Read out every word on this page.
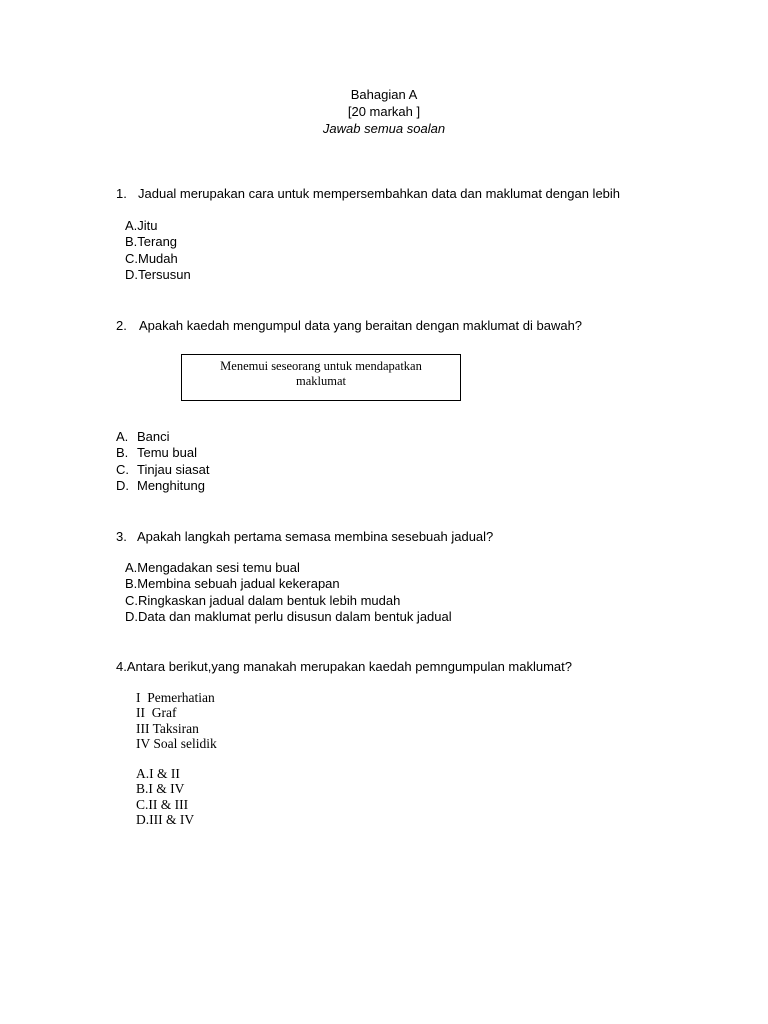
Bahagian A
[20 markah ]
Jawab semua soalan
1. Jadual merupakan cara untuk mempersembahkan data dan maklumat dengan lebih
A.Jitu
B.Terang
C.Mudah
D.Tersusun
2. Apakah kaedah mengumpul data yang beraitan dengan maklumat di bawah?
Menemui seseorang untuk mendapatkan
maklumat
A. Banci
B. Temu bual
C. Tinjau siasat
D. Menghitung
3. Apakah langkah pertama semasa membina sesebuah jadual?
A.Mengadakan sesi temu bual
B.Membina sebuah jadual kekerapan
C.Ringkaskan jadual dalam bentuk lebih mudah
D.Data dan maklumat perlu disusun dalam bentuk jadual
4.Antara berikut,yang manakah merupakan kaedah pemngumpulan maklumat?
I  Pemerhatian
II  Graf
III Taksiran
IV Soal selidik
A.I & II
B.I & IV
C.II & III
D.III & IV
